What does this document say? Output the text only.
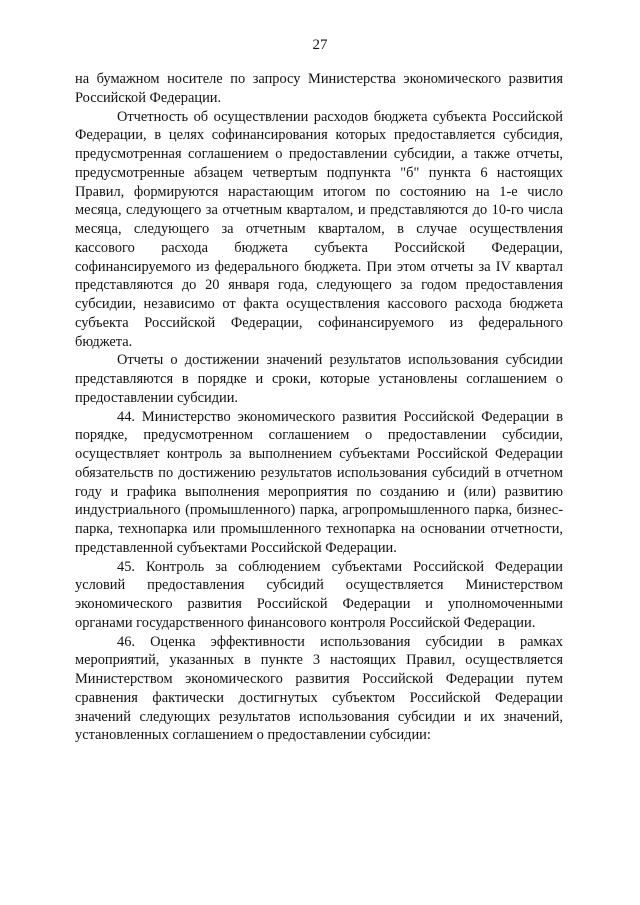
27

на бумажном носителе по запросу Министерства экономического развития Российской Федерации.

Отчетность об осуществлении расходов бюджета субъекта Российской Федерации, в целях софинансирования которых предоставляется субсидия, предусмотренная соглашением о предоставлении субсидии, а также отчеты, предусмотренные абзацем четвертым подпункта "б" пункта 6 настоящих Правил, формируются нарастающим итогом по состоянию на 1-е число месяца, следующего за отчетным кварталом, и представляются до 10-го числа месяца, следующего за отчетным кварталом, в случае осуществления кассового расхода бюджета субъекта Российской Федерации, софинансируемого из федерального бюджета. При этом отчеты за IV квартал представляются до 20 января года, следующего за годом предоставления субсидии, независимо от факта осуществления кассового расхода бюджета субъекта Российской Федерации, софинансируемого из федерального бюджета.

Отчеты о достижении значений результатов использования субсидии представляются в порядке и сроки, которые установлены соглашением о предоставлении субсидии.

44. Министерство экономического развития Российской Федерации в порядке, предусмотренном соглашением о предоставлении субсидии, осуществляет контроль за выполнением субъектами Российской Федерации обязательств по достижению результатов использования субсидий в отчетном году и графика выполнения мероприятия по созданию и (или) развитию индустриального (промышленного) парка, агропромышленного парка, бизнес-парка, технопарка или промышленного технопарка на основании отчетности, представленной субъектами Российской Федерации.

45. Контроль за соблюдением субъектами Российской Федерации условий предоставления субсидий осуществляется Министерством экономического развития Российской Федерации и уполномоченными органами государственного финансового контроля Российской Федерации.

46. Оценка эффективности использования субсидии в рамках мероприятий, указанных в пункте 3 настоящих Правил, осуществляется Министерством экономического развития Российской Федерации путем сравнения фактически достигнутых субъектом Российской Федерации значений следующих результатов использования субсидии и их значений, установленных соглашением о предоставлении субсидии:
